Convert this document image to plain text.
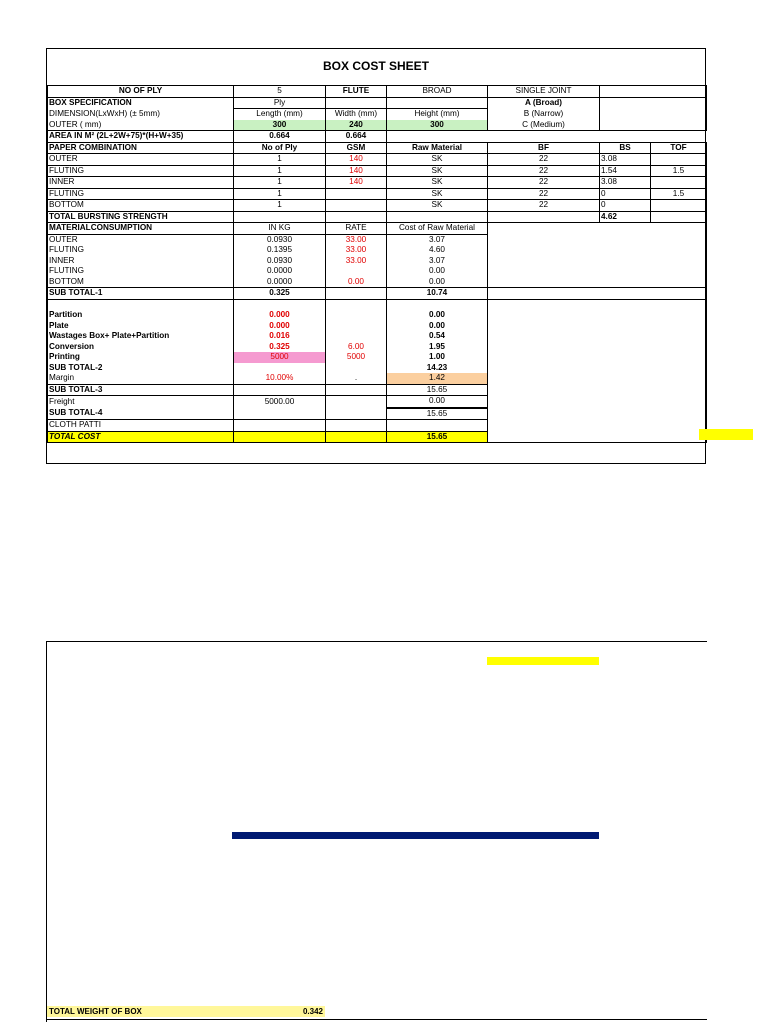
BOX COST SHEET
NO OF PLY	5	FLUTE	BROAD	SINGLE JOINT		
BOX SPECIFICATION	Ply			A (Broad)		
DIMENSION(LxWxH) (± 5mm)	Length (mm)	Width (mm)	Height (mm)	B (Narrow)		
OUTER ( mm)	300	240	300	C (Medium)		
AREA IN M² (2L+2W+75)*(H+W+35)	0.664	0.664				
PAPER COMBINATION	No of Ply	GSM	Raw Material	BF	BS	TOF
OUTER	1	140	SK	22	3.08	
FLUTING	1	140	SK	22	1.54	1.5
INNER	1	140	SK	22	3.08	
FLUTING	1		SK	22	0	1.5
BOTTOM	1		SK	22	0	
TOTAL BURSTING STRENGTH					4.62	
MATERIALCONSUMPTION	IN KG	RATE	Cost of Raw Material			
OUTER	0.0930	33.00	3.07			
FLUTING	0.1395	33.00	4.60			
INNER	0.0930	33.00	3.07			
FLUTING	0.0000		0.00			
BOTTOM	0.0000	0.00	0.00			
SUB TOTAL-1	0.325		10.74			

Partition	0.000		0.00			
Plate	0.000		0.00			
Wastages Box+ Plate+Partition	0.016		0.54			
Conversion	0.325	6.00	1.95			
Printing	5000	5000	1.00			
SUB TOTAL-2			14.23			
Margin	10.00%	.	1.42			
SUB TOTAL-3			15.65			
Freight	5000.00		0.00			
SUB TOTAL-4			15.65			
CLOTH PATTI						
TOTAL COST			15.65			
TOTAL WEIGHT OF BOX	0.342
